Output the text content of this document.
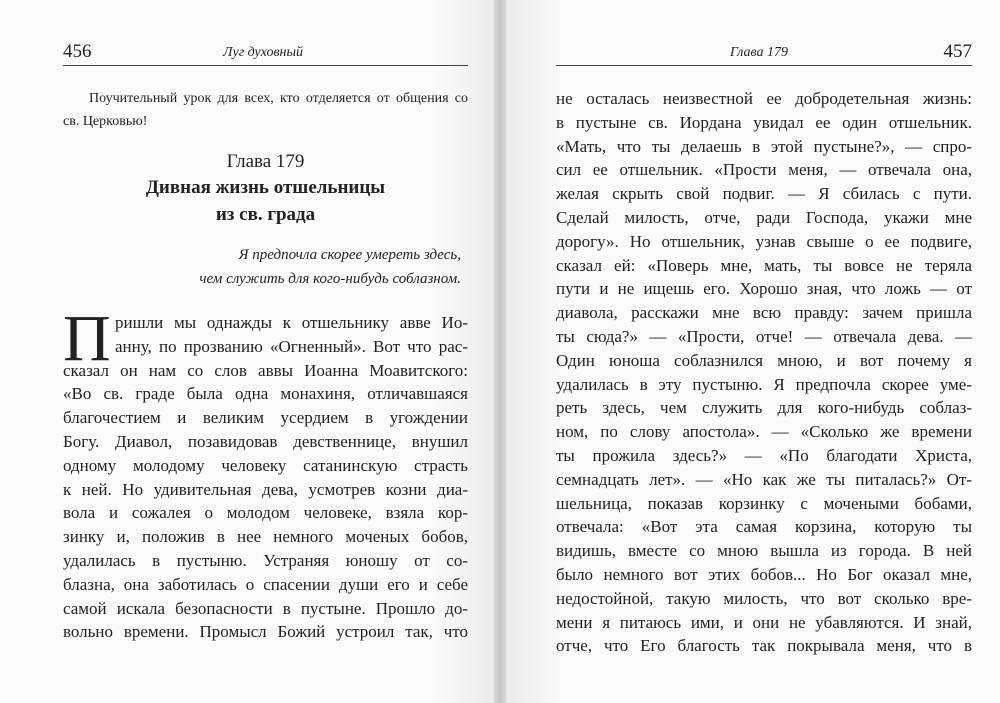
456	Луг духовный
Поучительный урок для всех, кто отделяется от общения со
св. Церковью!
Глава 179
Дивная жизнь отшельницы
из св. града
Я предпочла скорее умереть здесь,
чем служить для кого-нибудь соблазном.
П ришли мы однажды к отшельнику авве Ио-
анну, по прозванию «Огненный». Вот что рас-
сказал он нам со слов аввы Иоанна Моавитского:
«Во св. граде была одна монахиня, отличавшаяся
благочестием и великим усердием в угождении
Богу. Диавол, позавидовав девственнице, внушил
одному молодому человеку сатанинскую страсть
к ней. Но удивительная дева, усмотрев козни диа-
вола и сожалея о молодом человеке, взяла кор-
зинку и, положив в нее немного моченых бобов,
удалилась в пустыню. Устраняя юношу от со-
блазна, она заботилась о спасении души его и себе
самой искала безопасности в пустыне. Прошло до-
вольно времени. Промысл Божий устроил так, что
Глава 179	457
не осталась неизвестной ее добродетельная жизнь:
в пустыне св. Иордана увидал ее один отшельник.
«Мать, что ты делаешь в этой пустыне?», — спро-
сил ее отшельник. «Прости меня, — отвечала она,
желая скрыть свой подвиг. — Я сбилась с пути.
Сделай милость, отче, ради Господа, укажи мне
дорогу». Но отшельник, узнав свыше о ее подвиге,
сказал ей: «Поверь мне, мать, ты вовсе не теряла
пути и не ищешь его. Хорошо зная, что ложь — от
диавола, расскажи мне всю правду: зачем пришла
ты сюда?» — «Прости, отче! — отвечала дева. —
Один юноша соблазнился мною, и вот почему я
удалилась в эту пустыню. Я предпочла скорее уме-
реть здесь, чем служить для кого-нибудь соблаз-
ном, по слову апостола». — «Сколько же времени
ты прожила здесь?» — «По благодати Христа,
семнадцать лет». — «Но как же ты питалась?» От-
шельница, показав корзинку с мочеными бобами,
отвечала: «Вот эта самая корзина, которую ты
видишь, вместе со мною вышла из города. В ней
было немного вот этих бобов... Но Бог оказал мне,
недостойной, такую милость, что вот сколько вре-
мени я питаюсь ими, и они не убавляются. И знай,
отче, что Его благость так покрывала меня, что в
